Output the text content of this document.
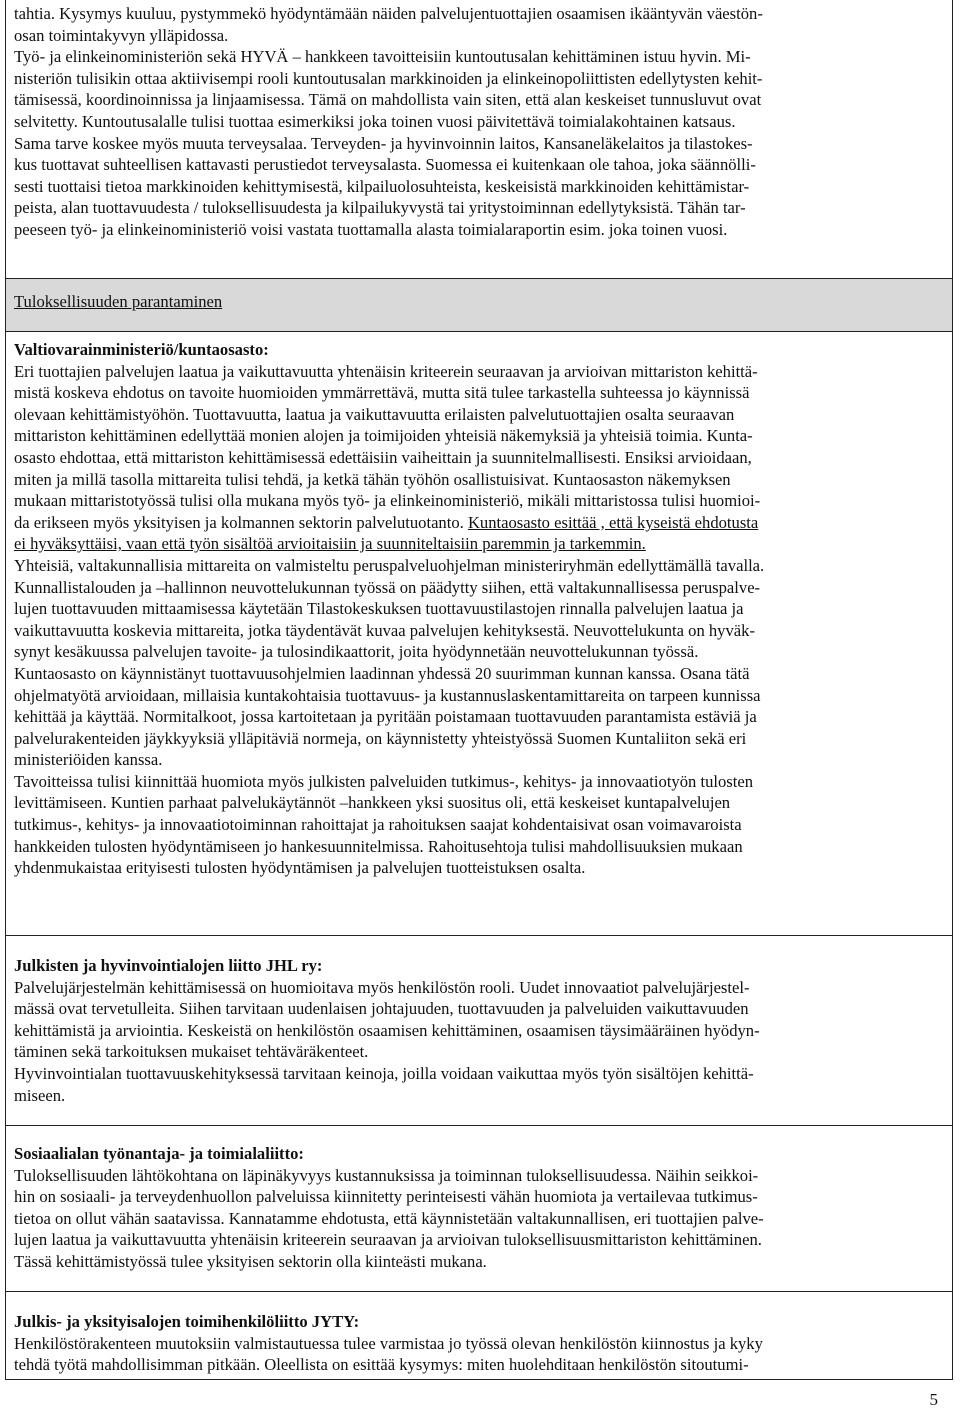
tahtia. Kysymys kuuluu, pystymmekö hyödyntämään näiden palvelujentuottajien osaamisen ikääntyvän väestön-

osan toimintakyvyn ylläpidossa.

Työ- ja elinkeinoministeriön sekä HYVÄ – hankkeen tavoitteisiin kuntoutusalan kehittäminen istuu hyvin. Mi-

nisteriön tulisikin ottaa aktiivisempi rooli kuntoutusalan markkinoiden ja elinkeinopoliittisten edellytysten kehit-

tämisessä, koordinoinnissa ja linjaamisessa. Tämä on mahdollista vain siten, että alan keskeiset tunnusluvut ovat

selvitetty. Kuntoutusalalle tulisi tuottaa esimerkiksi joka toinen vuosi päivitettävä toimialakohtainen katsaus.

Sama tarve koskee myös muuta terveysalaa. Terveyden- ja hyvinvoinnin laitos, Kansaneläkelaitos ja tilastokes-

kus tuottavat suhteellisen kattavasti perustiedot terveysalasta. Suomessa ei kuitenkaan ole tahoa, joka säännölli-

sesti tuottaisi tietoa markkinoiden kehittymisestä, kilpailuolosuhteista, keskeisistä markkinoiden kehittämistar-

peista, alan tuottavuudesta / tuloksellisuudesta ja kilpailukyvystä tai yritystoiminnan edellytyksistä. Tähän tar-

peeseen työ- ja elinkeinoministeriö voisi vastata tuottamalla alasta toimialaraportin esim. joka toinen vuosi.

Tuloksellisuuden parantaminen

Valtiovarainministeriö/kuntaosasto:

Eri tuottajien palvelujen laatua ja vaikuttavuutta yhtenäisin kriteerein seuraavan ja arvioivan mittariston kehittä-

mistä koskeva ehdotus on tavoite huomioiden ymmärrettävä, mutta sitä tulee tarkastella suhteessa jo käynnissä

olevaan kehittämistyöhön. Tuottavuutta, laatua ja vaikuttavuutta erilaisten palvelutuottajien osalta seuraavan

mittariston kehittäminen edellyttää monien alojen ja toimijoiden yhteisiä näkemyksiä ja yhteisiä toimia. Kunta-

osasto ehdottaa, että mittariston kehittämisessä edettäisiin vaiheittain ja suunnitelmallisesti. Ensiksi arvioidaan,

miten ja millä tasolla mittareita tulisi tehdä, ja ketkä tähän työhön osallistuisivat. Kuntaosaston näkemyksen

mukaan mittaristotyössä tulisi olla mukana myös työ- ja elinkeinoministeriö, mikäli mittaristossa tulisi huomioi-

da erikseen myös yksityisen ja kolmannen sektorin palvelutuotanto. Kuntaosasto esittää , että kyseistä ehdotusta

ei hyväksyttäisi, vaan että työn sisältöä arvioitaisiin ja suunniteltaisiin paremmin ja tarkemmin.

Yhteisiä, valtakunnallisia mittareita on valmisteltu peruspalveluohjelman ministeriryhmän edellyttämällä tavalla.

Kunnallistalouden ja –hallinnon neuvottelukunnan työssä on päädytty siihen, että valtakunnallisessa peruspalve-

lujen tuottavuuden mittaamisessa käytetään Tilastokeskuksen tuottavuustilastojen rinnalla palvelujen laatua ja

vaikuttavuutta koskevia mittareita, jotka täydentävät kuvaa palvelujen kehityksestä. Neuvottelukunta on hyväk-

synyt kesäkuussa palvelujen tavoite- ja tulosindikaattorit, joita hyödynnetään neuvottelukunnan työssä.

Kuntaosasto on käynnistänyt tuottavuusohjelmien laadinnan yhdessä 20 suurimman kunnan kanssa. Osana tätä

ohjelmatyötä arvioidaan, millaisia kuntakohtaisia tuottavuus- ja kustannuslaskentamittareita on tarpeen kunnissa

kehittää ja käyttää. Normitalkoot, jossa kartoitetaan ja pyritään poistamaan tuottavuuden parantamista estäviä ja

palvelurakenteiden jäykkyyksiä ylläpitäviä normeja, on käynnistetty yhteistyössä Suomen Kuntaliiton sekä eri

ministeriöiden kanssa.

Tavoitteissa tulisi kiinnittää huomiota myös julkisten palveluiden tutkimus-, kehitys- ja innovaatiotyön tulosten

levittämiseen. Kuntien parhaat palvelukäytännöt –hankkeen yksi suositus oli, että keskeiset kuntapalvelujen

tutkimus-, kehitys- ja innovaatiotoiminnan rahoittajat ja rahoituksen saajat kohdentaisivat osan voimavaroista

hankkeiden tulosten hyödyntämiseen jo hankesuunnitelmissa. Rahoitusehtoja tulisi mahdollisuuksien mukaan

yhdenmukaistaa erityisesti tulosten hyödyntämisen ja palvelujen tuotteistuksen osalta.

Julkisten ja hyvinvointialojen liitto JHL ry:

Palvelujärjestelmän kehittämisessä on huomioitava myös henkilöstön rooli. Uudet innovaatiot palvelujärjestel-

mässä ovat tervetulleita. Siihen tarvitaan uudenlaisen johtajuuden, tuottavuuden ja palveluiden vaikuttavuuden

kehittämistä ja arviointia. Keskeistä on henkilöstön osaamisen kehittäminen, osaamisen täysimääräinen hyödyn-

täminen sekä tarkoituksen mukaiset tehtäväräkenteet.

Hyvinvointialan tuottavuuskehityksessä tarvitaan keinoja, joilla voidaan vaikuttaa myös työn sisältöjen kehittä-

miseen.

Sosiaalialan työnantaja- ja toimialaliitto:

Tuloksellisuuden lähtökohtana on läpinäkyvyys kustannuksissa ja toiminnan tuloksellisuudessa. Näihin seikkoi-

hin on sosiaali- ja terveydenhuollon palveluissa kiinnitetty perinteisesti vähän huomiota ja vertailevaa tutkimus-

tietoa on ollut vähän saatavissa. Kannatamme ehdotusta, että käynnistetään valtakunnallisen, eri tuottajien palve-

lujen laatua ja vaikuttavuutta yhtenäisin kriteerein seuraavan ja arvioivan tuloksellisuusmittariston kehittäminen.

Tässä kehittämistyössä tulee yksityisen sektorin olla kiinteästi mukana.

Julkis- ja yksityisalojen toimihenkilöliitto JYTY:

Henkilöstörakenteen muutoksiin valmistautuessa tulee varmistaa jo työssä olevan henkilöstön kiinnostus ja kyky

tehdä työtä mahdollisimman pitkään. Oleellista on esittää kysymys: miten huolehditaan henkilöstön sitoutumi-

5
